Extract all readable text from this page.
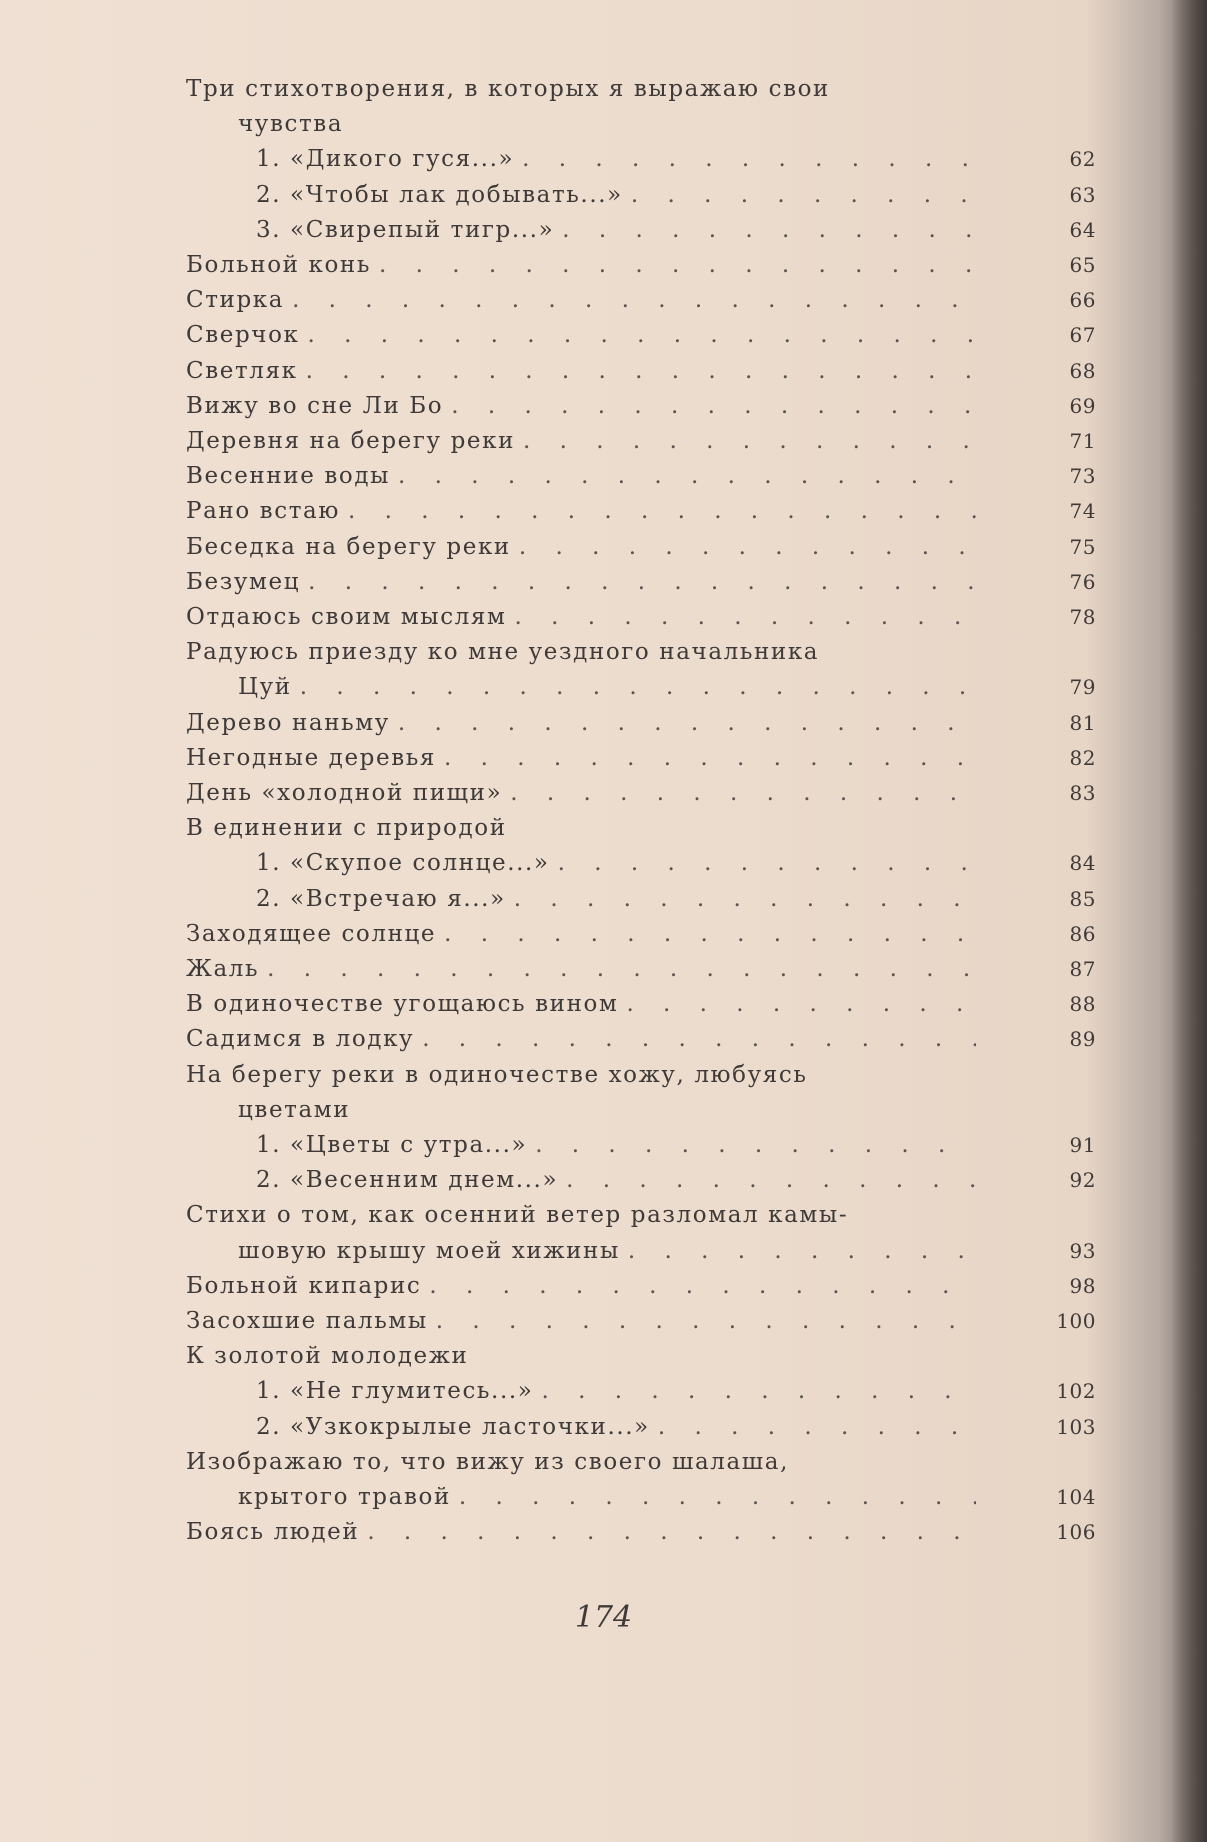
Три стихотворения, в которых я выражаю свои
чувства
1. «Дикого гуся...» . . .	62
2. «Чтобы лак добывать...» . . .	63
3. «Свирепый тигр...» . . .	64
Больной конь . . .	65
Стирка . . .	66
Сверчок . . .	67
Светляк . . .	68
Вижу во сне Ли Бо . . .	69
Деревня на берегу реки . . .	71
Весенние воды . . .	73
Рано встаю . . .	74
Беседка на берегу реки . . .	75
Безумец . . .	76
Отдаюсь своим мыслям . . .	78
Радуюсь приезду ко мне уездного начальника
Цуй . . .	79
Дерево наньму . . .	81
Негодные деревья . . .	82
День «холодной пищи» . . .	83
В единении с природой
1. «Скупое солнце...» . . .	84
2. «Встречаю я...» . . .	85
Заходящее солнце . . .	86
Жаль . . .	87
В одиночестве угощаюсь вином . . .	88
Садимся в лодку . . .	89
На берегу реки в одиночестве хожу, любуясь
цветами
1. «Цветы с утра...» . . .	91
2. «Весенним днем...» . . .	92
Стихи о том, как осенний ветер разломал камы-
шовую крышу моей хижины . . .	93
Больной кипарис . . .	98
Засохшие пальмы . . .	100
К золотой молодежи
1. «Не глумитесь...» . . .	102
2. «Узкокрылые ласточки...» . . .	103
Изображаю то, что вижу из своего шалаша,
крытого травой . . .	104
Боясь людей . . .	106
174
